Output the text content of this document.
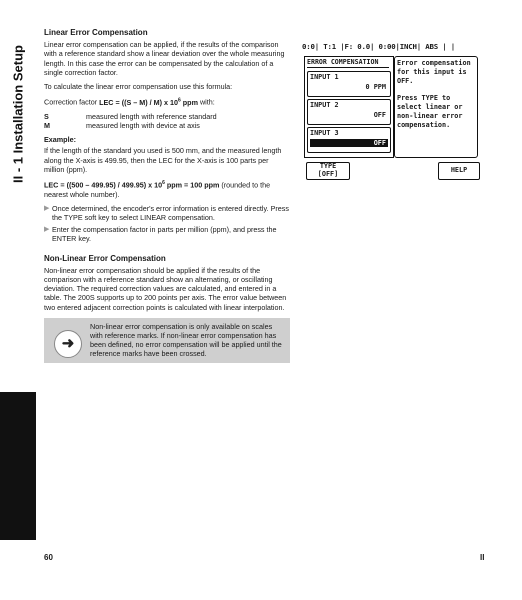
II - 1 Installation Setup
Linear Error Compensation

Linear error compensation can be applied, if the results of the comparison with a reference standard show a linear deviation over the whole measuring length. In this case the error can be compensated by the calculation of a single correction factor.

To calculate the linear error compensation use this formula:

Correction factor LEC = ((S – M) / M) x $10^6$ ppm with:

S	measured length with reference standard
M	measured length with device at axis

Example:

If the length of the standard you used is 500 mm, and the measured length along the X-axis is 499.95, then the LEC for the X-axis is 100 parts per million (ppm).

LEC = ((500 – 499.95) / 499.95) x $10^6$ ppm = 100 ppm (rounded to the nearest whole number).

▶ Once determined, the encoder's error information is entered directly. Press the TYPE soft key to select LINEAR compensation.
▶ Enter the compensation factor in parts per million (ppm), and press the ENTER key.
Non-Linear Error Compensation

Non-linear error compensation should be applied if the results of the comparison with a reference standard show an alternating, or oscillating deviation. The required correction values are calculated, and entered in a table. The 200S supports up to 200 points per axis. The error value between two entered adjacent correction points is calculated with linear interpolation.

➜
Non-linear error compensation is only available on scales with reference marks. If non-linear error compensation has been defined, no error compensation will be applied until the reference marks have been crossed.
0:0| T:1 |F: 0.0| 0:00|INCH| ABS | |
ERROR COMPENSATION
INPUT 1
0 PPM
INPUT 2
OFF
INPUT 3
OFF
Error compensation for this input is OFF.
Press TYPE to select linear or non-linear error compensation.
TYPE
[OFF]	HELP
60	II
